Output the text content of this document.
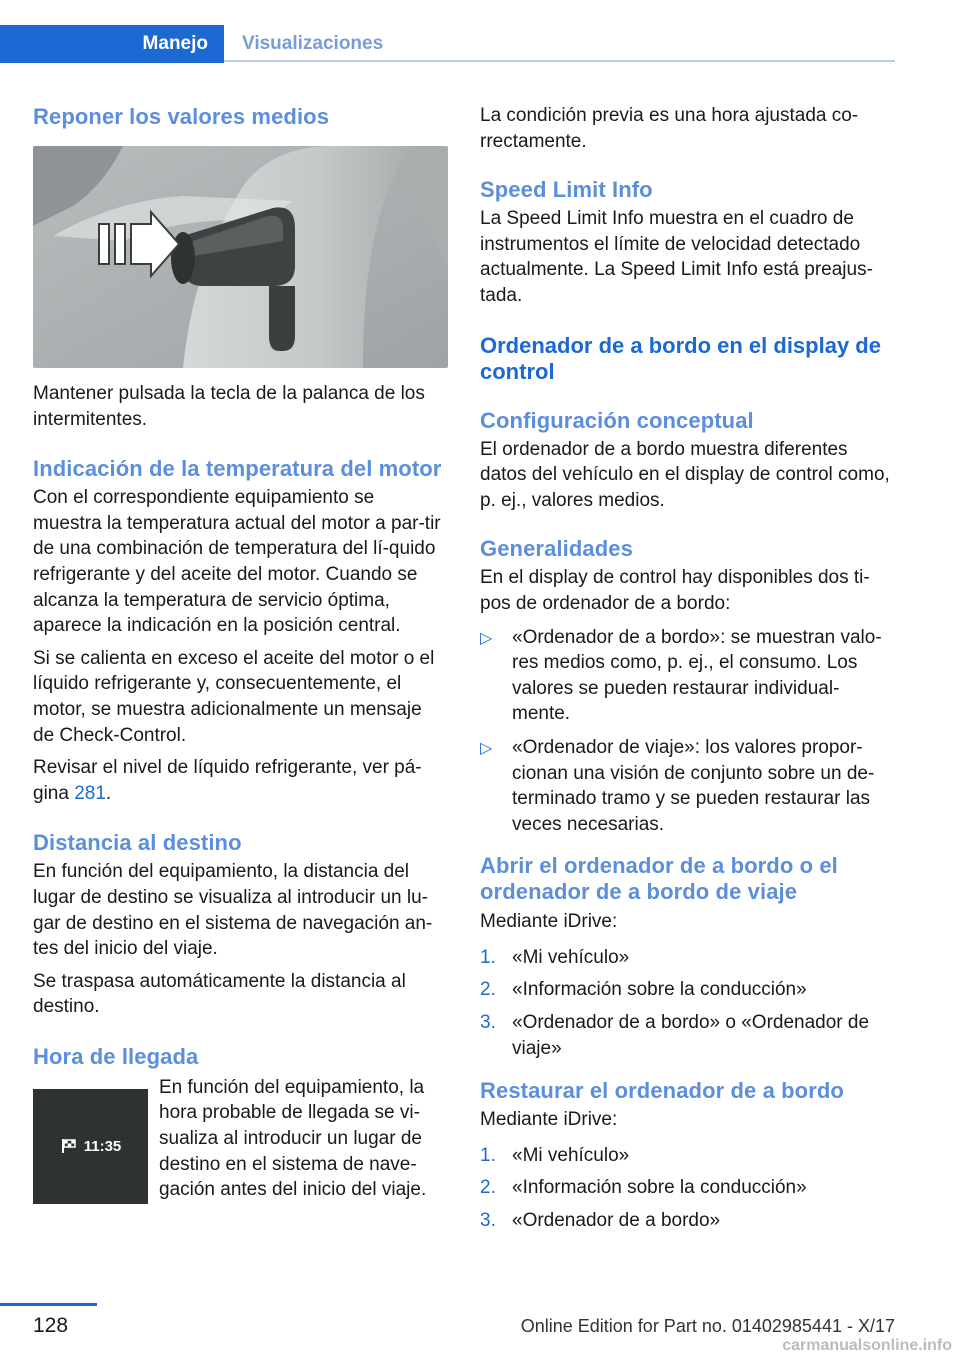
Manejo	Visualizaciones
Reponer los valores medios

Mantener pulsada la tecla de la palanca de los intermitentes.

Indicación de la temperatura del motor

Con el correspondiente equipamiento se muestra la temperatura actual del motor a par‐tir de una combinación de temperatura del lí‐quido refrigerante y del aceite del motor. Cuando se alcanza la temperatura de servicio óptima, aparece la indicación en la posición central.

Si se calienta en exceso el aceite del motor o el líquido refrigerante y, consecuentemente, el motor, se muestra adicionalmente un mensaje de Check-Control.

Revisar el nivel de líquido refrigerante, ver pá‐gina 281.

Distancia al destino

En función del equipamiento, la distancia del lugar de destino se visualiza al introducir un lu‐gar de destino en el sistema de navegación an‐tes del inicio del viaje.

Se traspasa automáticamente la distancia al destino.

Hora de llegada
11:35

En función del equipamiento, la hora probable de llegada se vi‐sualiza al introducir un lugar de destino en el sistema de nave‐gación antes del inicio del viaje.

La condición previa es una hora ajustada co‐rrectamente.

Speed Limit Info

La Speed Limit Info muestra en el cuadro de instrumentos el límite de velocidad detectado actualmente. La Speed Limit Info está preajus‐tada.

Ordenador de a bordo en el display de control
Configuración conceptual

El ordenador de a bordo muestra diferentes datos del vehículo en el display de control como, p. ej., valores medios.

Generalidades

En el display de control hay disponibles dos ti‐pos de ordenador de a bordo:

▷ «Ordenador de a bordo»: se muestran valo‐res medios como, p. ej., el consumo. Los valores se pueden restaurar individual‐mente.
▷ «Ordenador de viaje»: los valores propor‐cionan una visión de conjunto sobre un de‐terminado tramo y se pueden restaurar las veces necesarias.
Abrir el ordenador de a bordo o el ordenador de a bordo de viaje

Mediante iDrive:

1. «Mi vehículo»
2. «Información sobre la conducción»
3. «Ordenador de a bordo» o «Ordenador de viaje»
Restaurar el ordenador de a bordo

Mediante iDrive:

1. «Mi vehículo»
2. «Información sobre la conducción»
3. «Ordenador de a bordo»
128	Online Edition for Part no. 01402985441 - X/17
carmanualsonline.info
